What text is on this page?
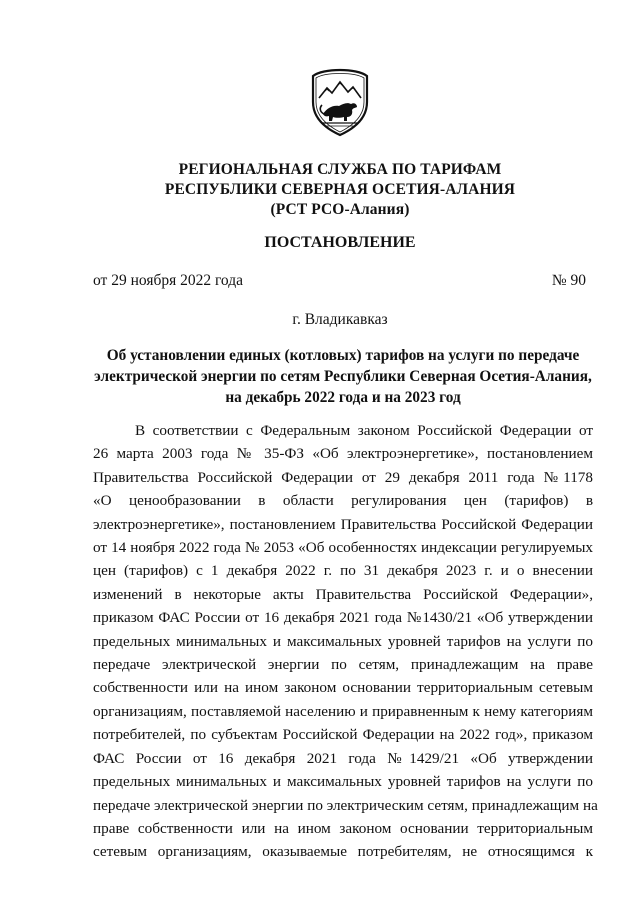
РЕГИОНАЛЬНАЯ СЛУЖБА ПО ТАРИФАМ
РЕСПУБЛИКИ СЕВЕРНАЯ ОСЕТИЯ-АЛАНИЯ
(РСТ РСО-Алания)
ПОСТАНОВЛЕНИЕ
от 29 ноября 2022 года	№ 90
г. Владикавказ
Об установлении единых (котловых) тарифов на услуги по передаче
электрической энергии по сетям Республики Северная Осетия-Алания,
на декабрь 2022 года и на 2023 год
В соответствии с Федеральным законом Российской Федерации от
26 марта 2003 года № 35-ФЗ «Об электроэнергетике», постановлением
Правительства Российской Федерации от 29 декабря 2011 года №1178
«О ценообразовании в области регулирования цен (тарифов) в
электроэнергетике», постановлением Правительства Российской Федерации
от 14 ноября 2022 года № 2053 «Об особенностях индексации регулируемых
цен (тарифов) с 1 декабря 2022 г. по 31 декабря 2023 г. и о внесении
изменений в некоторые акты Правительства Российской Федерации»,
приказом ФАС России от 16 декабря 2021 года №1430/21 «Об утверждении
предельных минимальных и максимальных уровней тарифов на услуги по
передаче электрической энергии по сетям, принадлежащим на праве
собственности или на ином законом основании территориальным сетевым
организациям, поставляемой населению и приравненным к нему категориям
потребителей, по субъектам Российской Федерации на 2022 год», приказом
ФАС России от 16 декабря 2021 года №1429/21 «Об утверждении
предельных минимальных и максимальных уровней тарифов на услуги по
передаче электрической энергии по электрическим сетям, принадлежащим на
праве собственности или на ином законом основании территориальным
сетевым организациям, оказываемые потребителям, не относящимся к
